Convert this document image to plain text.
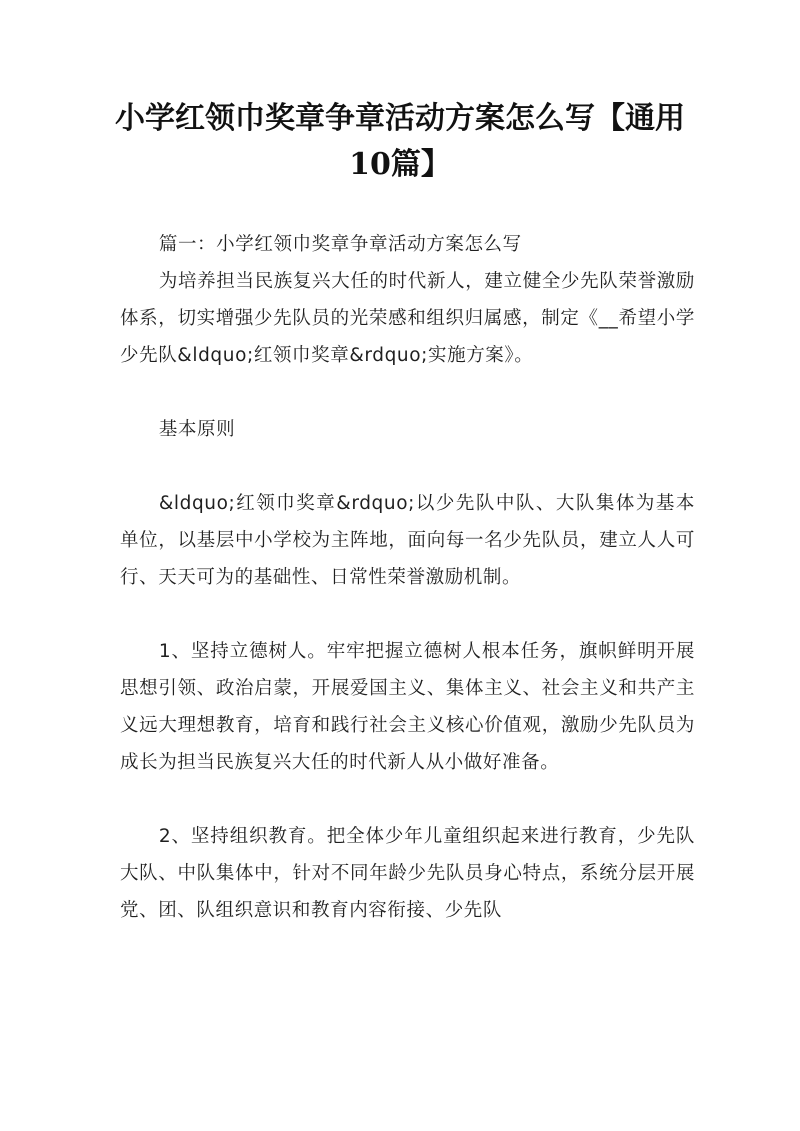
小学红领巾奖章争章活动方案怎么写【通用10篇】

篇一：小学红领巾奖章争章活动方案怎么写

为培养担当民族复兴大任的时代新人，建立健全少先队荣誉激励体系，切实增强少先队员的光荣感和组织归属感，制定《__希望小学少先队&ldquo;红领巾奖章&rdquo;实施方案》。

基本原则

&ldquo;红领巾奖章&rdquo;以少先队中队、大队集体为基本单位，以基层中小学校为主阵地，面向每一名少先队员，建立人人可行、天天可为的基础性、日常性荣誉激励机制。

1、坚持立德树人。牢牢把握立德树人根本任务，旗帜鲜明开展思想引领、政治启蒙，开展爱国主义、集体主义、社会主义和共产主义远大理想教育，培育和践行社会主义核心价值观，激励少先队员为成长为担当民族复兴大任的时代新人从小做好准备。

2、坚持组织教育。把全体少年儿童组织起来进行教育，少先队大队、中队集体中，针对不同年龄少先队员身心特点，系统分层开展党、团、队组织意识和教育内容衔接、少先队
